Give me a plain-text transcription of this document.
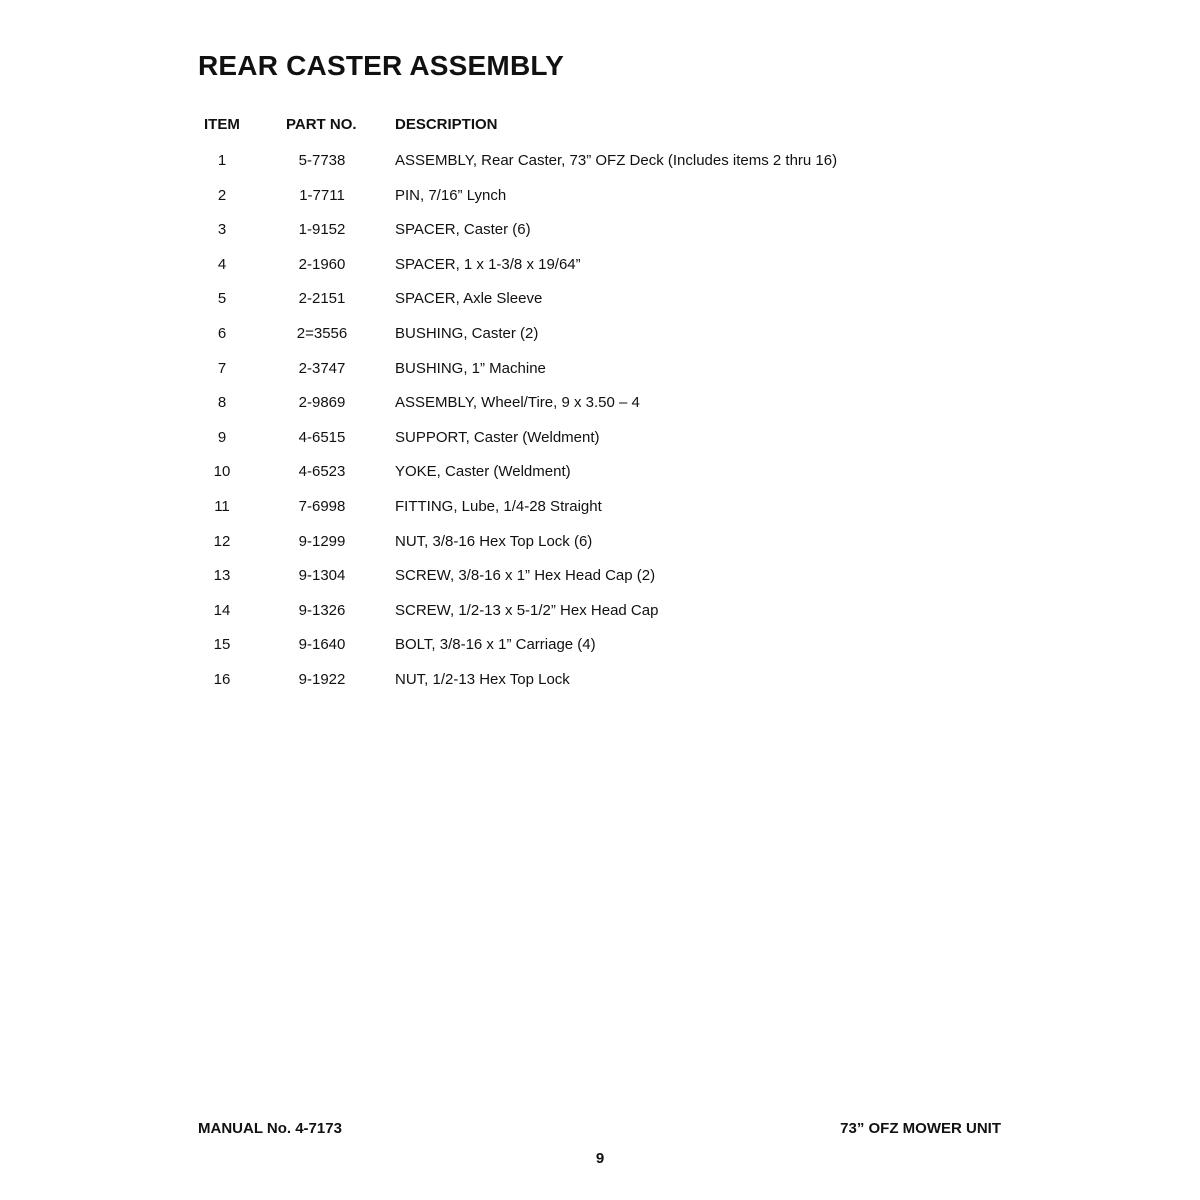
REAR CASTER ASSEMBLY
ITEM	PART NO.	DESCRIPTION
1	5-7738	ASSEMBLY, Rear Caster, 73” OFZ Deck (Includes items 2 thru 16)
2	1-7711	PIN, 7/16” Lynch
3	1-9152	SPACER, Caster (6)
4	2-1960	SPACER, 1 x 1-3/8 x 19/64”
5	2-2151	SPACER, Axle Sleeve
6	2=3556	BUSHING, Caster (2)
7	2-3747	BUSHING, 1” Machine
8	2-9869	ASSEMBLY, Wheel/Tire, 9 x 3.50 – 4
9	4-6515	SUPPORT, Caster (Weldment)
10	4-6523	YOKE, Caster (Weldment)
11	7-6998	FITTING, Lube, 1/4-28 Straight
12	9-1299	NUT, 3/8-16 Hex Top Lock (6)
13	9-1304	SCREW, 3/8-16 x 1” Hex Head Cap (2)
14	9-1326	SCREW, 1/2-13 x 5-1/2” Hex Head Cap
15	9-1640	BOLT, 3/8-16 x 1” Carriage (4)
16	9-1922	NUT, 1/2-13 Hex Top Lock
MANUAL No. 4-7173	73” OFZ MOWER UNIT
9
